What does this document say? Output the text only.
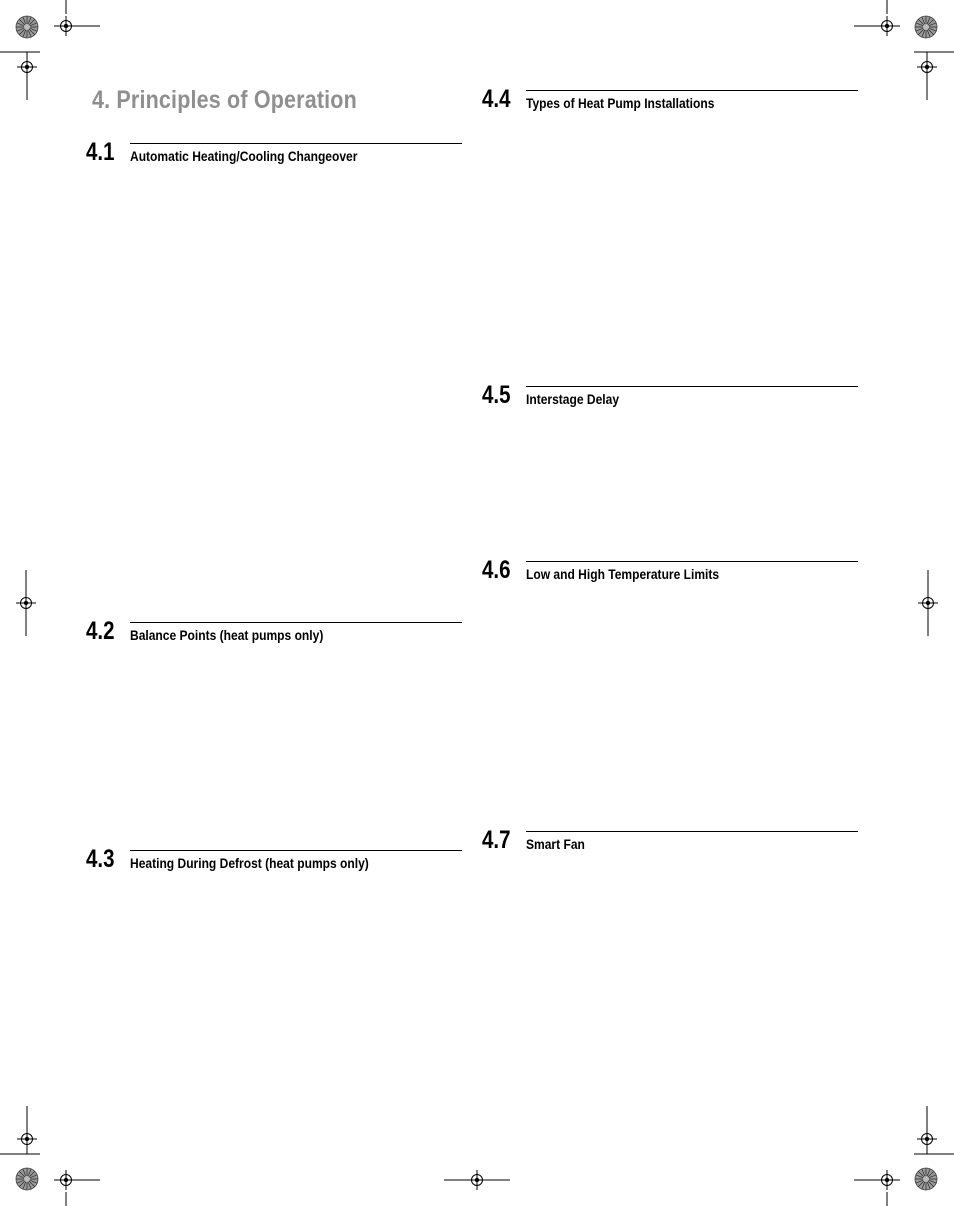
4. Principles of Operation
4.1 Automatic Heating/Cooling Changeover
4.2 Balance Points (heat pumps only)
4.3 Heating During Defrost (heat pumps only)
4.4 Types of Heat Pump Installations
4.5 Interstage Delay
4.6 Low and High Temperature Limits
4.7 Smart Fan
